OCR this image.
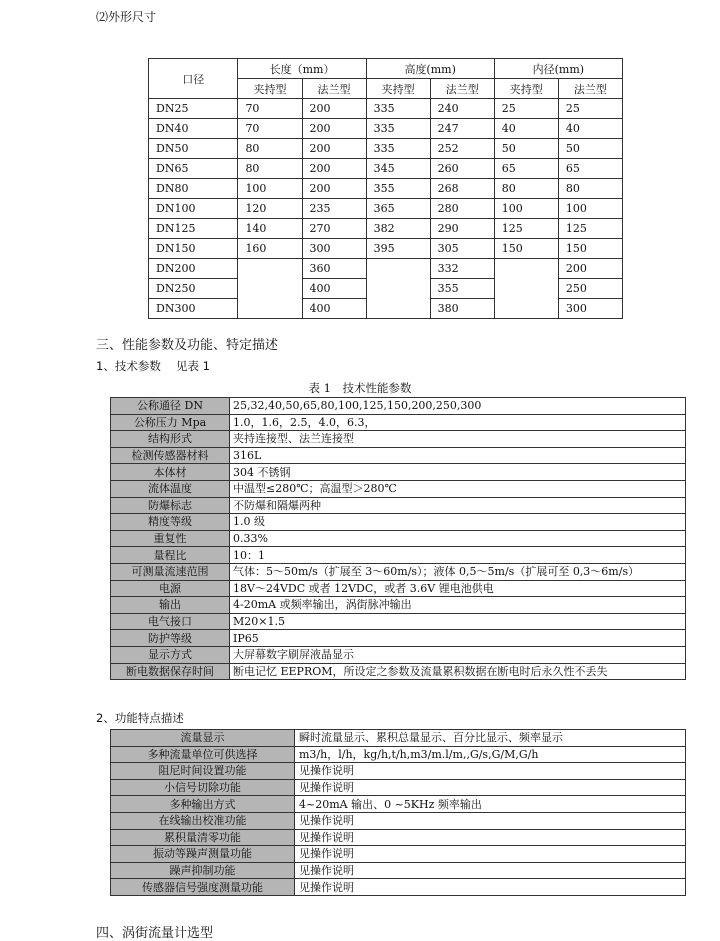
⑵外形尺寸
口径	长度（mm）		高度(mm)		内径(mm)	
	夹持型	法兰型	夹持型	法兰型	夹持型	法兰型
DN25	70	200	335	240	25	25
DN40	70	200	335	247	40	40
DN50	80	200	335	252	50	50
DN65	80	200	345	260	65	65
DN80	100	200	355	268	80	80
DN100	120	235	365	280	100	100
DN125	140	270	382	290	125	125
DN150	160	300	395	305	150	150
DN200		360		332		200
DN250		400		355		250
DN300		400		380		300
三、性能参数及功能、特定描述
1、技术参数　 见表 1
表 1　技术性能参数
公称通径 DN	25,32,40,50,65,80,100,125,150,200,250,300
公称压力 Mpa	1.0，1.6，2.5，4.0，6.3，
结构形式	夹持连接型、法兰连接型
检测传感器材料	316L
本体材	304 不锈钢
流体温度	中温型≤280℃；高温型＞280℃
防爆标志	不防爆和隔爆两种
精度等级	1.0 级
重复性	0.33%
量程比	10：1
可测量流速范围	气体：5～50m/s（扩展至 3～60m/s）；液体 0,5～5m/s（扩展可至 0,3～6m/s）
电源	18V～24VDC 或者 12VDC，或者 3.6V 锂电池供电
输出	4-20mA 或频率输出，涡街脉冲输出
电气接口	M20×1.5
防护等级	IP65
显示方式	大屏幕数字刷屏液晶显示
断电数据保存时间	断电记忆 EEPROM，所设定之参数及流量累积数据在断电时后永久性不丢失
2、功能特点描述
流量显示	瞬时流量显示、累积总量显示、百分比显示、频率显示
多种流量单位可供选择	m3/h，l/h，kg/h,t/h,m3/m.l/m,,G/s,G/M,G/h
阻尼时间设置功能	见操作说明
小信号切除功能	见操作说明
多种输出方式	4~20mA 输出、0 ~5KHz 频率输出
在线输出校准功能	见操作说明
累积量清零功能	见操作说明
振动等躁声测量功能	见操作说明
躁声抑制功能	见操作说明
传感器信号强度测量功能	见操作说明
四、涡街流量计选型
